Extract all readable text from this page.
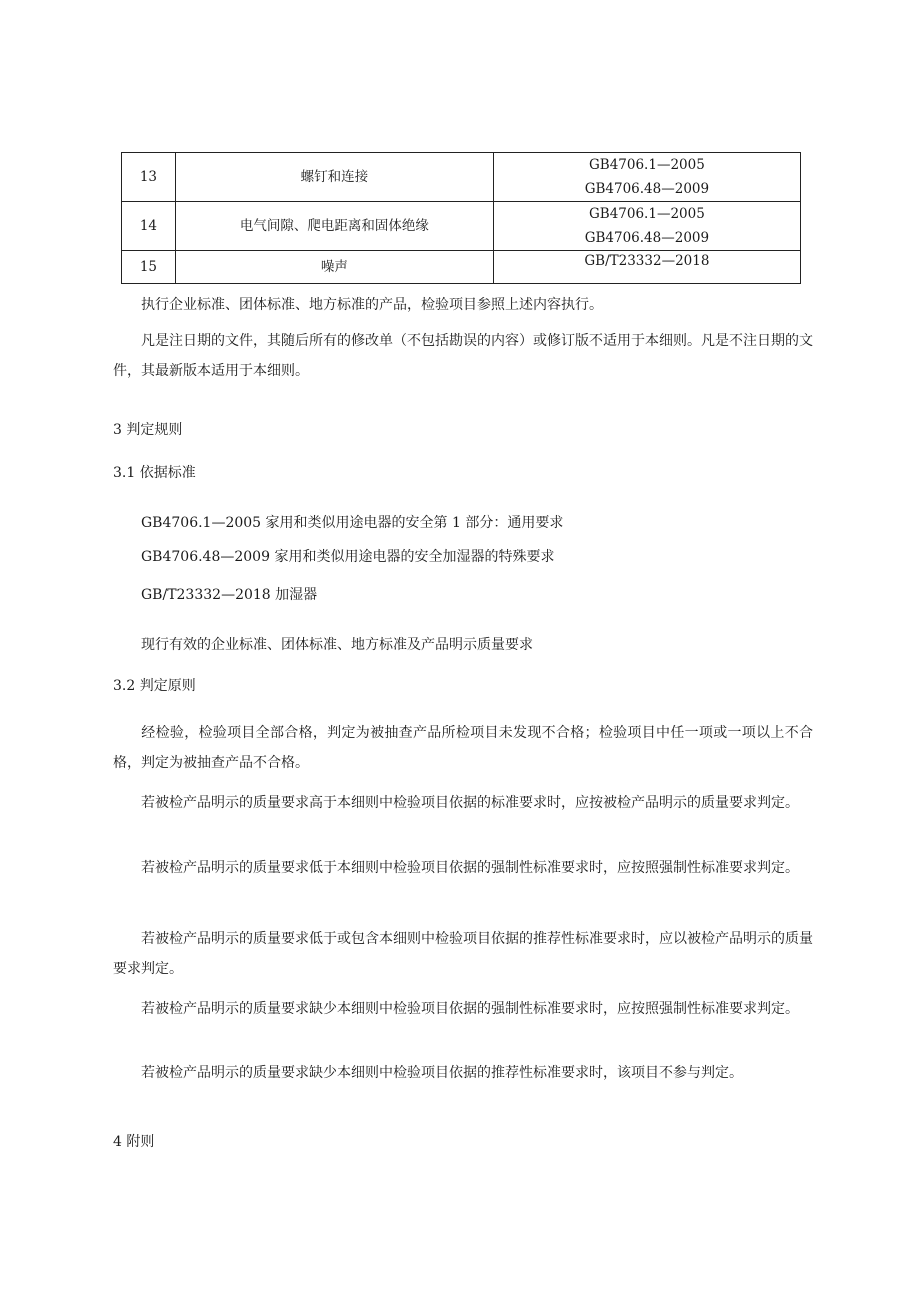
13	螺钉和连接	GB4706.1—2005
GB4706.48—2009

14	电气间隙、爬电距离和固体绝缘	GB4706.1—2005
GB4706.48—2009

15	噪声	GB/T23332—2018
执行企业标准、团体标准、地方标准的产品，检验项目参照上述内容执行。
凡是注日期的文件，其随后所有的修改单（不包括勘误的内容）或修订版不适用于本细则。凡是不注日期的文件，其最新版本适用于本细则。
3 判定规则
3.1 依据标准
GB4706.1—2005 家用和类似用途电器的安全第 1 部分：通用要求
GB4706.48—2009 家用和类似用途电器的安全加湿器的特殊要求
GB/T23332—2018 加湿器
现行有效的企业标准、团体标准、地方标准及产品明示质量要求
3.2 判定原则
经检验，检验项目全部合格，判定为被抽查产品所检项目未发现不合格；检验项目中任一项或一项以上不合格，判定为被抽查产品不合格。
若被检产品明示的质量要求高于本细则中检验项目依据的标准要求时，应按被检产品明示的质量要求判定。
若被检产品明示的质量要求低于本细则中检验项目依据的强制性标准要求时，应按照强制性标准要求判定。
若被检产品明示的质量要求低于或包含本细则中检验项目依据的推荐性标准要求时，应以被检产品明示的质量要求判定。
若被检产品明示的质量要求缺少本细则中检验项目依据的强制性标准要求时，应按照强制性标准要求判定。
若被检产品明示的质量要求缺少本细则中检验项目依据的推荐性标准要求时，该项目不参与判定。
4 附则
